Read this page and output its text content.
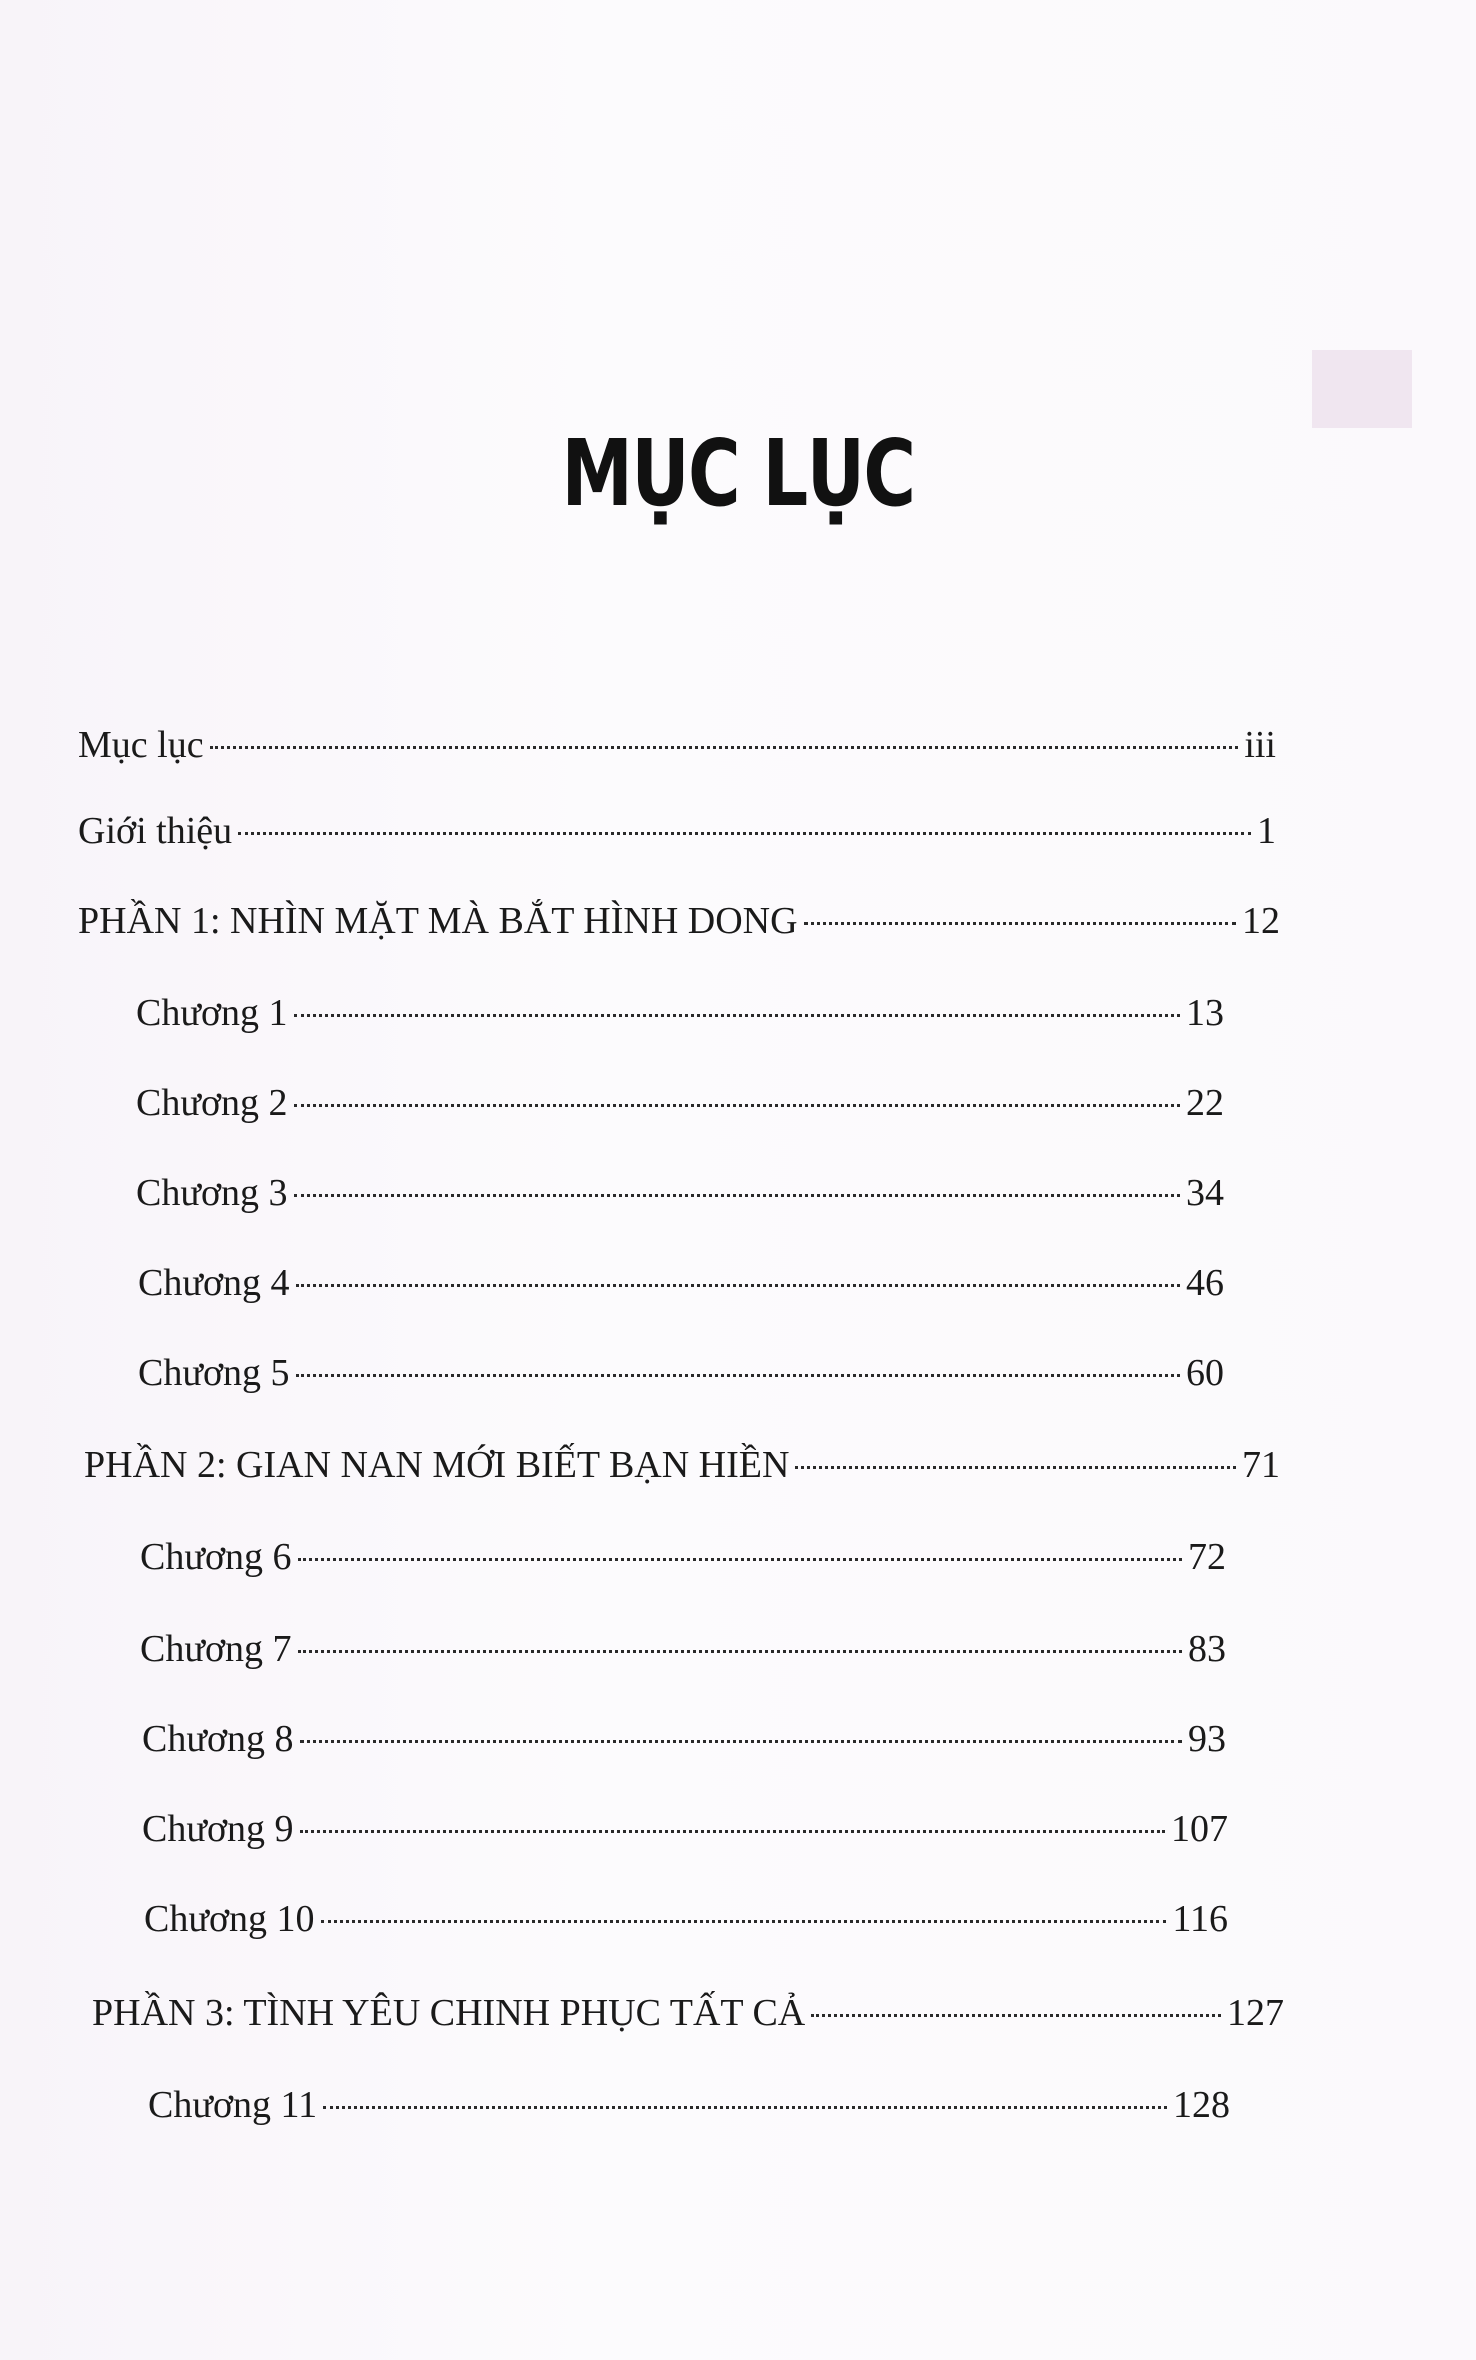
MỤC LỤC
Mục lục	iii
Giới thiệu	1
PHẦN 1: NHÌN MẶT MÀ BẮT HÌNH DONG	12
Chương 1	13
Chương 2	22
Chương 3	34
Chương 4	46
Chương 5	60
PHẦN 2: GIAN NAN MỚI BIẾT BẠN HIỀN	71
Chương 6	72
Chương 7	83
Chương 8	93
Chương 9	107
Chương 10	116
PHẦN 3: TÌNH YÊU CHINH PHỤC TẤT CẢ	127
Chương 11	128
